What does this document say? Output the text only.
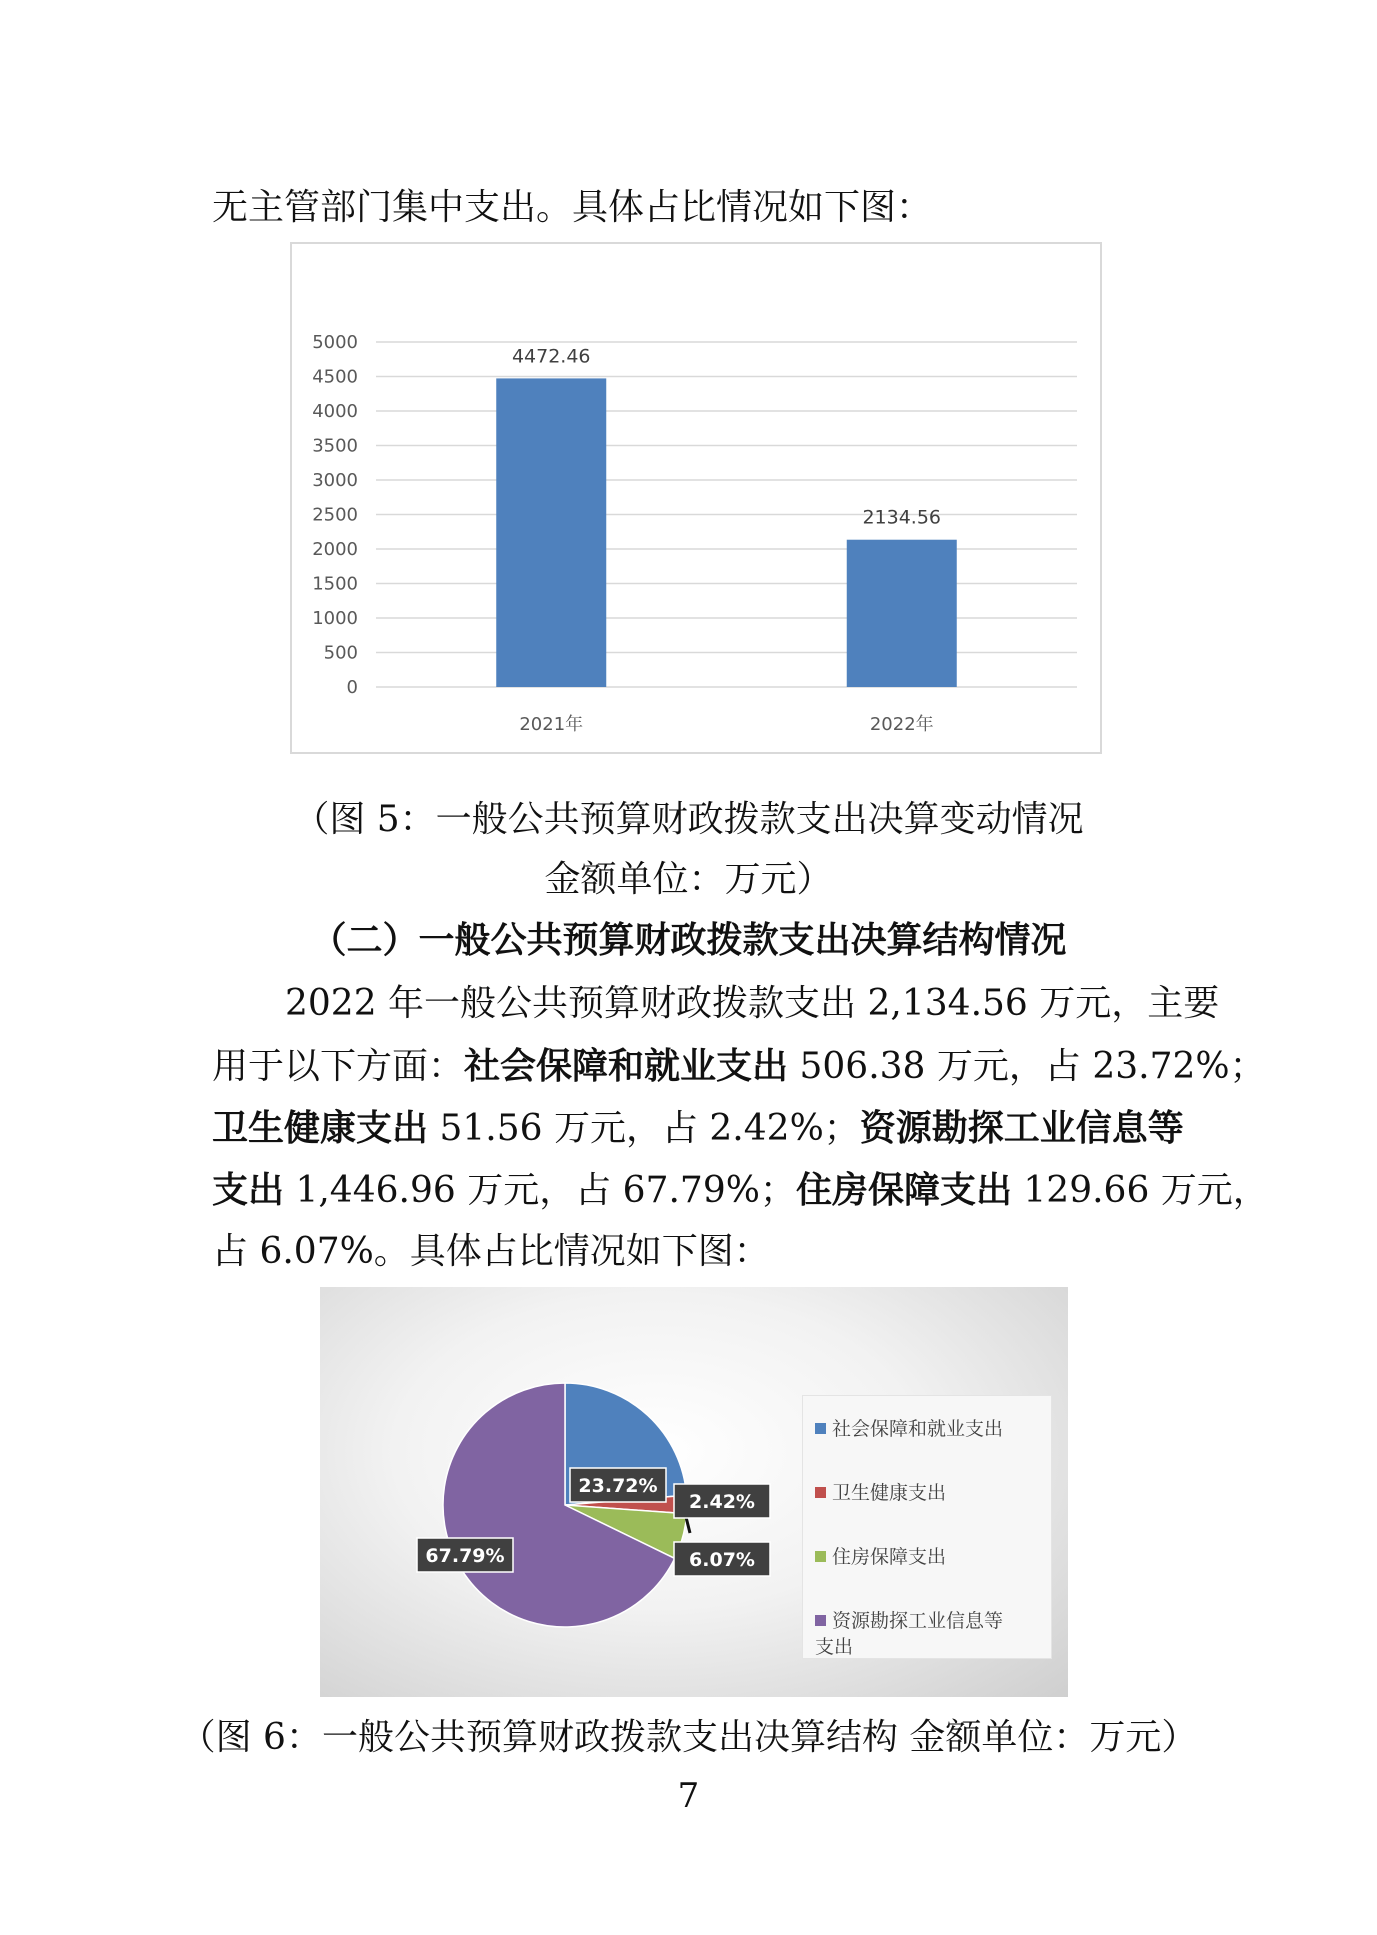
无主管部门集中支出。具体占比情况如下图：
0
500
1000
1500
2000
2500
3000
3500
4000
4500
5000
4472.46
2021年
2134.56
2022年
（图 5：一般公共预算财政拨款支出决算变动情况
金额单位：万元）
（二）一般公共预算财政拨款支出决算结构情况
2022 年一般公共预算财政拨款支出 2,134.56 万元，主要
用于以下方面：社会保障和就业支出 506.38 万元，占 23.72%；
卫生健康支出 51.56 万元，占 2.42%；资源勘探工业信息等
支出 1,446.96 万元，占 67.79%；住房保障支出 129.66 万元，
占 6.07%。具体占比情况如下图：
23.72%
2.42%
6.07%
67.79%
社会保障和就业支出
卫生健康支出
住房保障支出
资源勘探工业信息等支出
（图 6：一般公共预算财政拨款支出决算结构 金额单位：万元）
7
